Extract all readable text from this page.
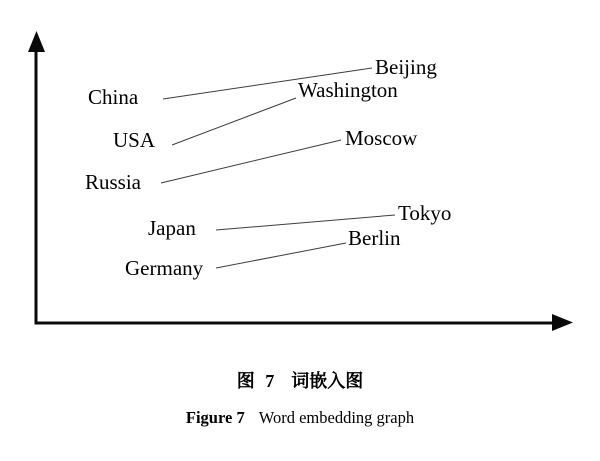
China
USA
Russia
Japan
Germany
Beijing
Washington
Moscow
Tokyo
Berlin
图 7 词嵌入图
Figure 7 Word embedding graph
